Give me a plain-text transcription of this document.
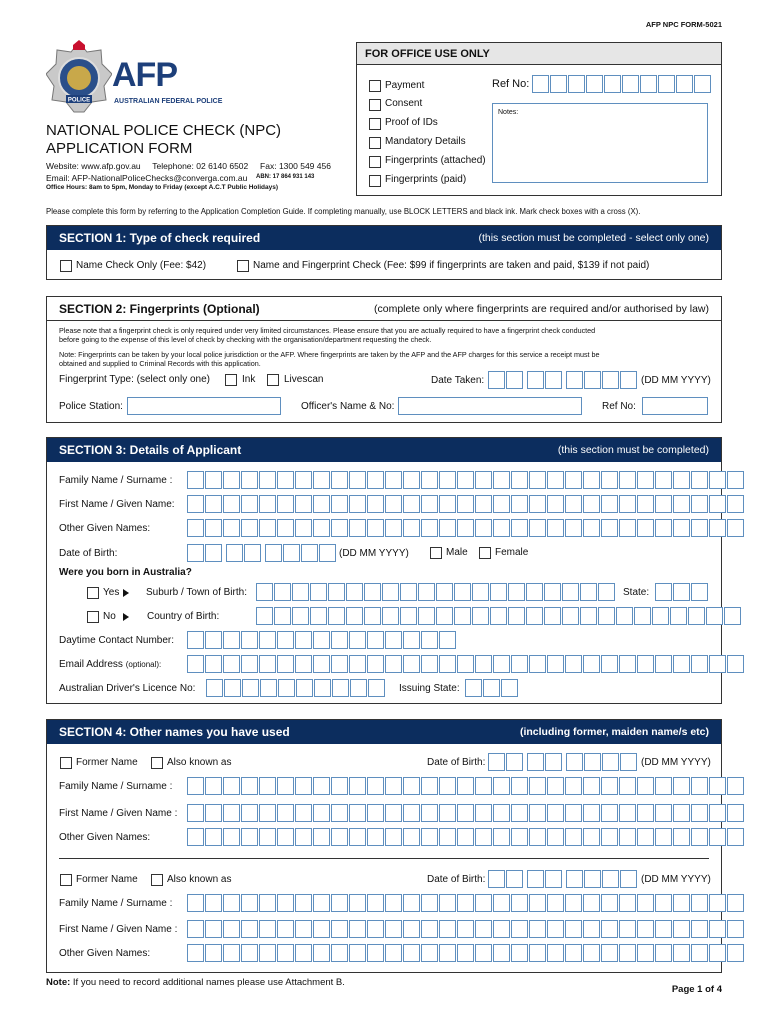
AFP NPC FORM-5021
POLICE
AFP
AUSTRALIAN FEDERAL POLICE
NATIONAL POLICE CHECK (NPC)
APPLICATION FORM
Website: www.afp.gov.au     Telephone: 02 6140 6502     Fax: 1300 549 456
Email: AFP-NationalPoliceChecks@converga.com.au ABN: 17 864 931 143
Office Hours: 8am to 5pm, Monday to Friday (except A.C.T Public Holidays)
FOR OFFICE USE ONLY
Payment
Consent
Proof of IDs
Mandatory Details
Fingerprints (attached)
Fingerprints (paid)
Ref No:
Notes:
Please complete this form by referring to the Application Completion Guide. If completing manually, use BLOCK LETTERS and black ink. Mark check boxes with a cross (X).
SECTION 1: Type of check required	(this section must be completed - select only one)
Name Check Only (Fee: $42)	Name and Fingerprint Check (Fee: $99 if fingerprints are taken and paid, $139 if not paid)
SECTION 2: Fingerprints (Optional)	(complete only where fingerprints are required and/or authorised by law)
Please note that a fingerprint check is only required under very limited circumstances. Please ensure that you are actually required to have a fingerprint check conducted
before going to the expense of this level of check by checking with the organisation/department requesting the check.
Note: Fingerprints can be taken by your local police jurisdiction or the AFP. Where fingerprints are taken by the AFP and the AFP charges for this service a receipt must be
obtained and supplied to Criminal Records with this application.
Fingerprint Type: (select only one)	Ink	Livescan	Date Taken:	(DD MM YYYY)
Police Station:	Officer's Name & No:	Ref No:
SECTION 3: Details of Applicant	(this section must be completed)
Family Name / Surname :
First Name / Given Name:
Other Given Names:
Date of Birth:	(DD MM YYYY)	Male	Female
Were you born in Australia?
Yes	Suburb / Town of Birth:	State:
No	Country of Birth:
Daytime Contact Number:
Email Address (optional):
Australian Driver's Licence No:	Issuing State:
SECTION 4: Other names you have used	(including former, maiden name/s etc)
Former Name	Also known as	Date of Birth:	(DD MM YYYY)
Family Name / Surname :
First Name / Given Name :
Other Given Names:
Former Name	Also known as	Date of Birth:	(DD MM YYYY)
Family Name / Surname :
First Name / Given Name :
Other Given Names:
Note: If you need to record additional names please use Attachment B.
Page 1 of 4
